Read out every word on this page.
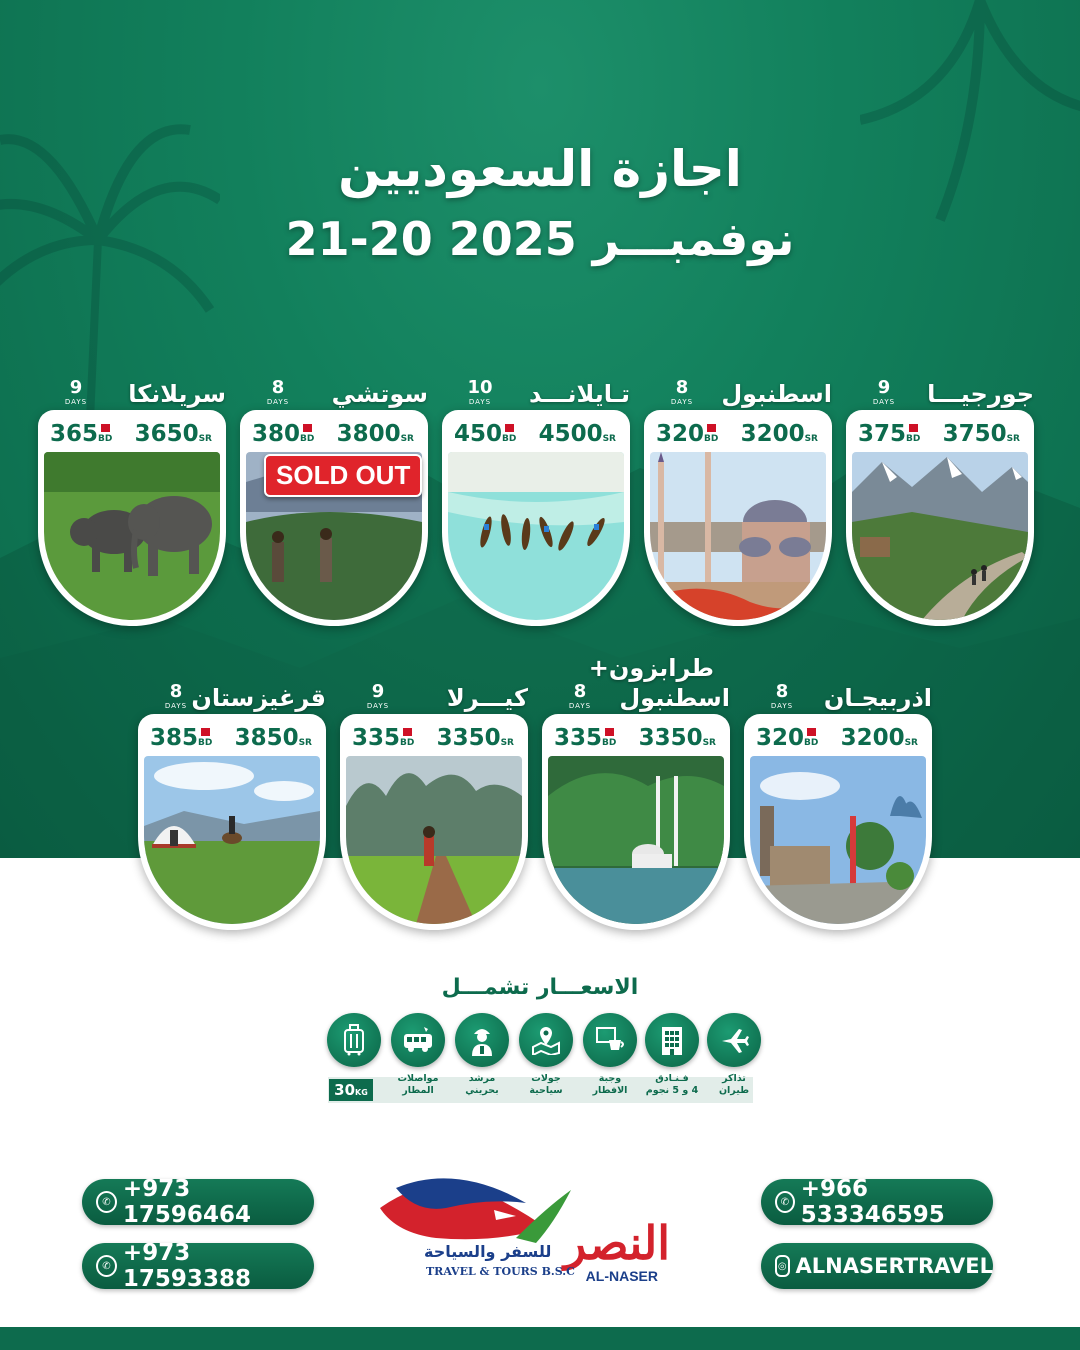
اجازة السعوديين
21-20 نوفمبـــر 2025
جورجيـــا
9
DAYS
375BD 3750SR
اسطنبول
8
DAYS
320BD 3200SR
تـايلانـــد
10
DAYS
450BD 4500SR
سوتشي
8
DAYS
380BD 3800SR
SOLD OUT
سريلانكا
9
DAYS
365BD 3650SR
اذربيجـان
8
DAYS
320BD 3200SR
طرابزون+
اسطنبول
8
DAYS
335BD 3350SR
كيـــرلا
9
DAYS
335BD 3350SR
قرغيزستان
8
DAYS
385BD 3850SR
الاسعـــار تشمـــل
تذاكر
طيران
فـنـادق
4 و 5 نجوم
وجبة
الافطار
جولات
سياحية
مرشد
بحريني
مواصلات
المطار
30KG
✆ +973 17596464
✆ +973 17593388
✆ +966 533346595
◎ ALNASERTRAVEL
النصر
للسفر والسياحة
TRAVEL & TOURS B.S.C AL-NASER
